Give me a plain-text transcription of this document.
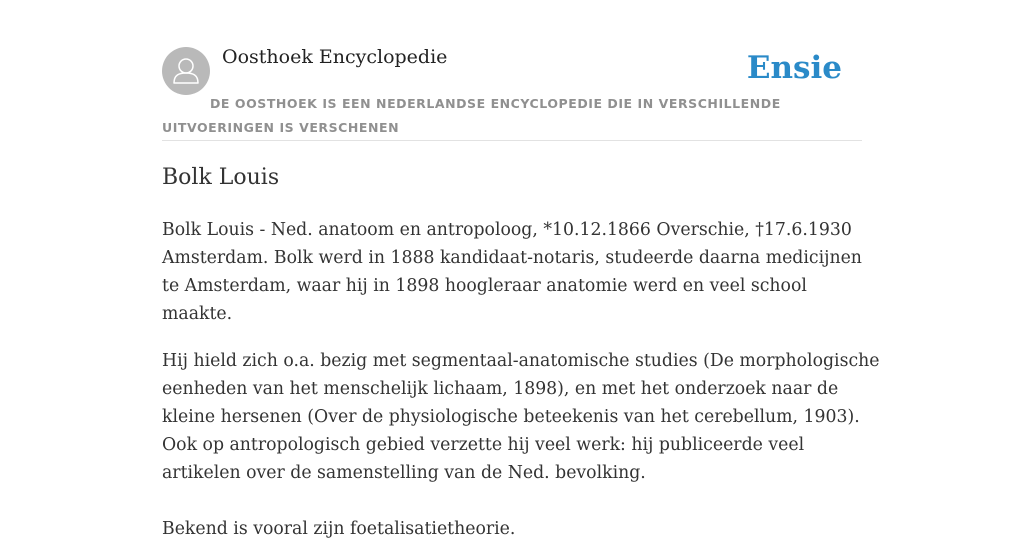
Oosthoek Encyclopedie	Ensie
DE OOSTHOEK IS EEN NEDERLANDSE ENCYCLOPEDIE DIE IN VERSCHILLENDE UITVOERINGEN IS VERSCHENEN
Bolk Louis

Bolk Louis - Ned. anatoom en antropoloog, *10.12.1866 Overschie, †17.6.1930 Amsterdam. Bolk werd in 1888 kandidaat-notaris, studeerde daarna medicijnen te Amsterdam, waar hij in 1898 hoogleraar anatomie werd en veel school maakte.

Hij hield zich o.a. bezig met segmentaal-anatomische studies (De morphologische eenheden van het menschelijk lichaam, 1898), en met het onderzoek naar de kleine hersenen (Over de physiologische beteekenis van het cerebellum, 1903). Ook op antropologisch gebied verzette hij veel werk: hij publiceerde veel artikelen over de samenstelling van de Ned. bevolking.

Bekend is vooral zijn foetalisatietheorie.
